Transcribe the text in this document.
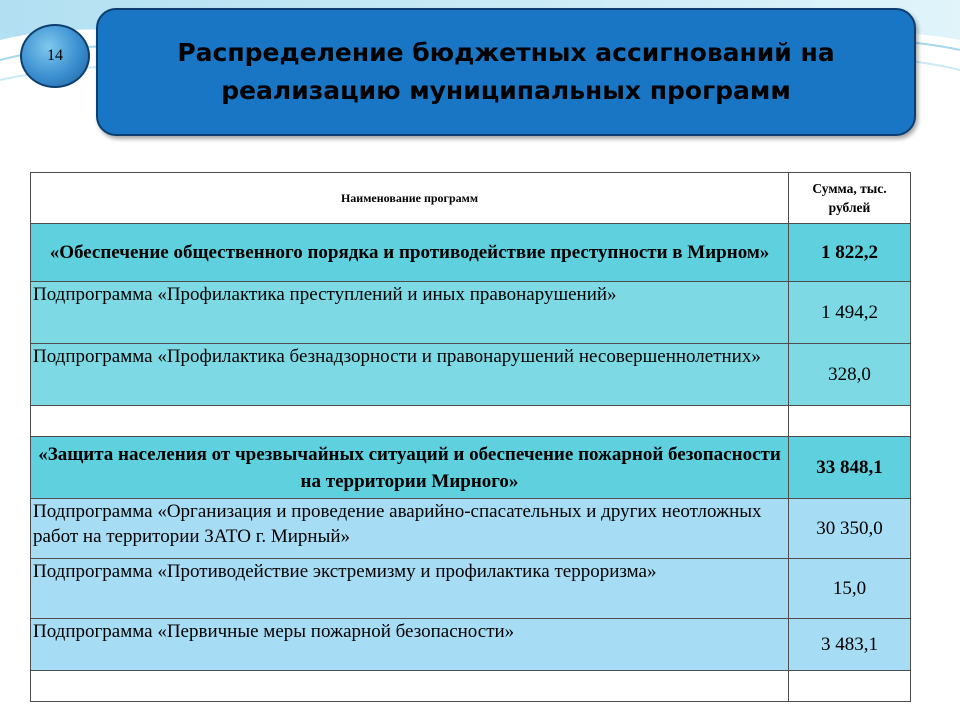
14	Распределение бюджетных ассигнований на реализацию муниципальных программ
Наименование программ	Сумма, тыс. рублей
«Обеспечение общественного порядка и противодействие преступности в Мирном»	1 822,2
Подпрограмма «Профилактика преступлений и иных правонарушений»	1 494,2
Подпрограмма «Профилактика безнадзорности и правонарушений несовершеннолетних»	328,0

«Защита населения от чрезвычайных ситуаций и обеспечение пожарной безопасности на территории Мирного»	33 848,1
Подпрограмма «Организация и проведение аварийно-спасательных и других неотложных работ на территории ЗАТО г. Мирный»	30 350,0
Подпрограмма «Противодействие экстремизму и профилактика терроризма»	15,0
Подпрограмма «Первичные меры пожарной безопасности»	3 483,1
